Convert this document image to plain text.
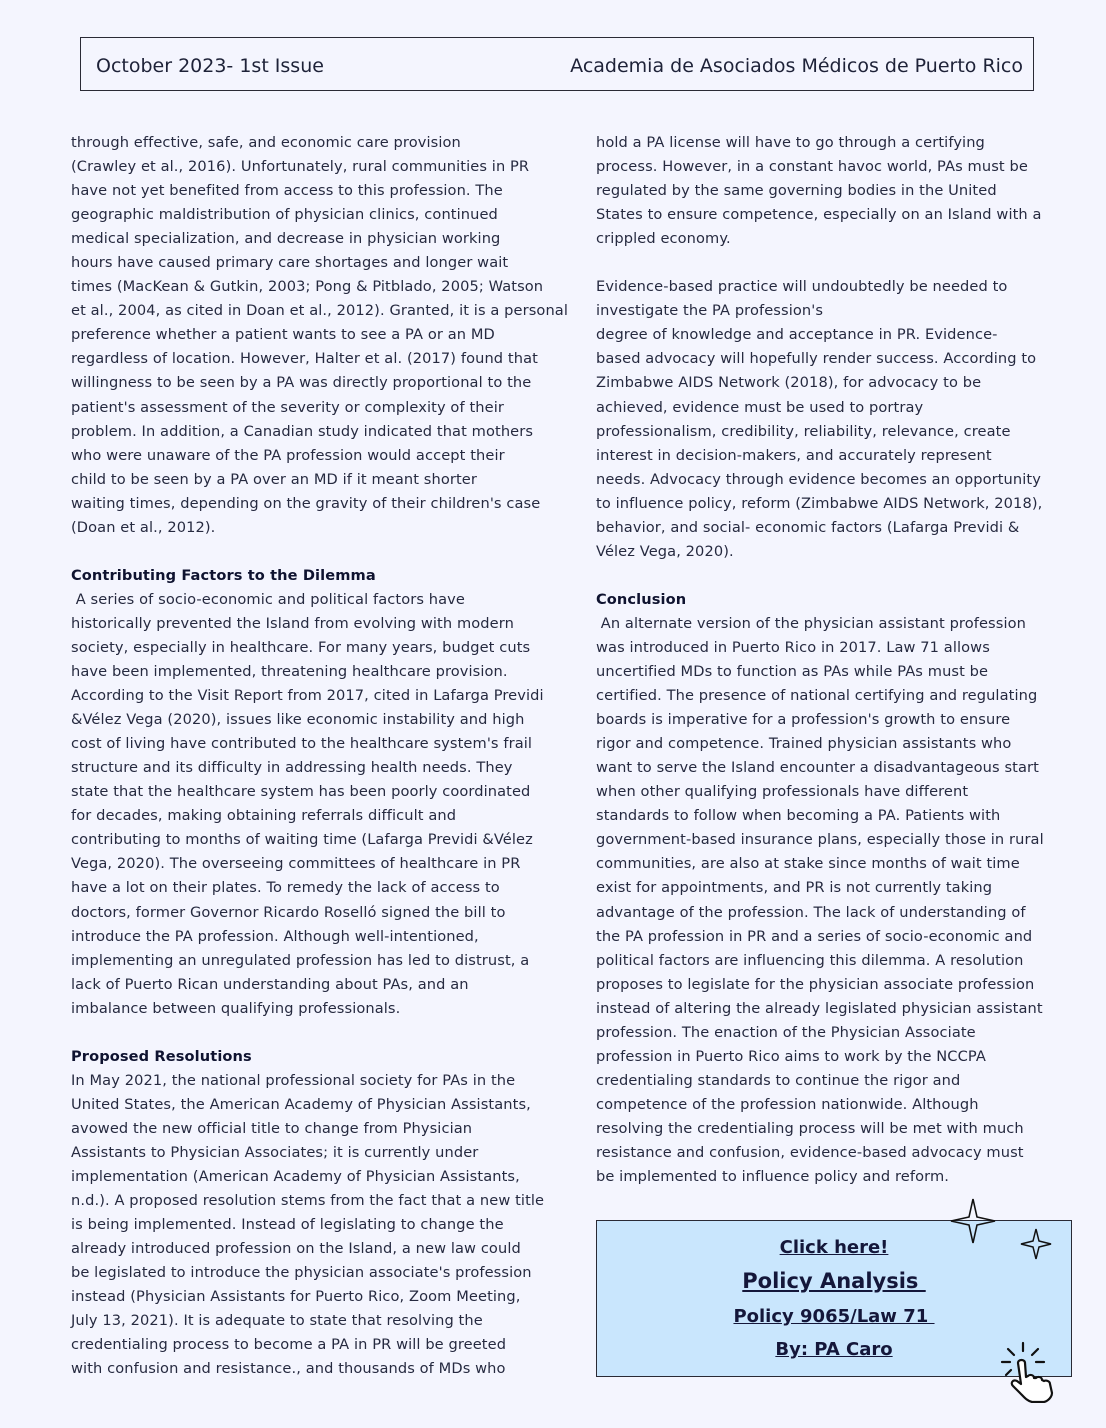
October 2023- 1st Issue	Academia de Asociados Médicos de Puerto Rico
through effective, safe, and economic care provision
(Crawley et al., 2016). Unfortunately, rural communities in PR
have not yet benefited from access to this profession. The
geographic maldistribution of physician clinics, continued
medical specialization, and decrease in physician working
hours have caused primary care shortages and longer wait
times (MacKean & Gutkin, 2003; Pong & Pitblado, 2005; Watson
et al., 2004, as cited in Doan et al., 2012). Granted, it is a personal
preference whether a patient wants to see a PA or an MD
regardless of location. However, Halter et al. (2017) found that
willingness to be seen by a PA was directly proportional to the
patient's assessment of the severity or complexity of their
problem. In addition, a Canadian study indicated that mothers
who were unaware of the PA profession would accept their
child to be seen by a PA over an MD if it meant shorter
waiting times, depending on the gravity of their children's case
(Doan et al., 2012).
Contributing Factors to the Dilemma
A series of socio-economic and political factors have
historically prevented the Island from evolving with modern
society, especially in healthcare. For many years, budget cuts
have been implemented, threatening healthcare provision.
According to the Visit Report from 2017, cited in Lafarga Previdi
&Vélez Vega (2020), issues like economic instability and high
cost of living have contributed to the healthcare system's frail
structure and its difficulty in addressing health needs. They
state that the healthcare system has been poorly coordinated
for decades, making obtaining referrals difficult and
contributing to months of waiting time (Lafarga Previdi &Vélez
Vega, 2020). The overseeing committees of healthcare in PR
have a lot on their plates. To remedy the lack of access to
doctors, former Governor Ricardo Roselló signed the bill to
introduce the PA profession. Although well-intentioned,
implementing an unregulated profession has led to distrust, a
lack of Puerto Rican understanding about PAs, and an
imbalance between qualifying professionals.
Proposed Resolutions
In May 2021, the national professional society for PAs in the
United States, the American Academy of Physician Assistants,
avowed the new official title to change from Physician
Assistants to Physician Associates; it is currently under
implementation (American Academy of Physician Assistants,
n.d.). A proposed resolution stems from the fact that a new title
is being implemented. Instead of legislating to change the
already introduced profession on the Island, a new law could
be legislated to introduce the physician associate's profession
instead (Physician Assistants for Puerto Rico, Zoom Meeting,
July 13, 2021). It is adequate to state that resolving the
credentialing process to become a PA in PR will be greeted
with confusion and resistance., and thousands of MDs who
hold a PA license will have to go through a certifying
process. However, in a constant havoc world, PAs must be
regulated by the same governing bodies in the United
States to ensure competence, especially on an Island with a
crippled economy.
Evidence-based practice will undoubtedly be needed to
investigate the PA profession's
degree of knowledge and acceptance in PR. Evidence-
based advocacy will hopefully render success. According to
Zimbabwe AIDS Network (2018), for advocacy to be
achieved, evidence must be used to portray
professionalism, credibility, reliability, relevance, create
interest in decision-makers, and accurately represent
needs. Advocacy through evidence becomes an opportunity
to influence policy, reform (Zimbabwe AIDS Network, 2018),
behavior, and social- economic factors (Lafarga Previdi &
Vélez Vega, 2020).
Conclusion
An alternate version of the physician assistant profession
was introduced in Puerto Rico in 2017. Law 71 allows
uncertified MDs to function as PAs while PAs must be
certified. The presence of national certifying and regulating
boards is imperative for a profession's growth to ensure
rigor and competence. Trained physician assistants who
want to serve the Island encounter a disadvantageous start
when other qualifying professionals have different
standards to follow when becoming a PA. Patients with
government-based insurance plans, especially those in rural
communities, are also at stake since months of wait time
exist for appointments, and PR is not currently taking
advantage of the profession. The lack of understanding of
the PA profession in PR and a series of socio-economic and
political factors are influencing this dilemma. A resolution
proposes to legislate for the physician associate profession
instead of altering the already legislated physician assistant
profession. The enaction of the Physician Associate
profession in Puerto Rico aims to work by the NCCPA
credentialing standards to continue the rigor and
competence of the profession nationwide. Although
resolving the credentialing process will be met with much
resistance and confusion, evidence-based advocacy must
be implemented to influence policy and reform.
Click here!
Policy Analysis
Policy 9065/Law 71
By: PA Caro
